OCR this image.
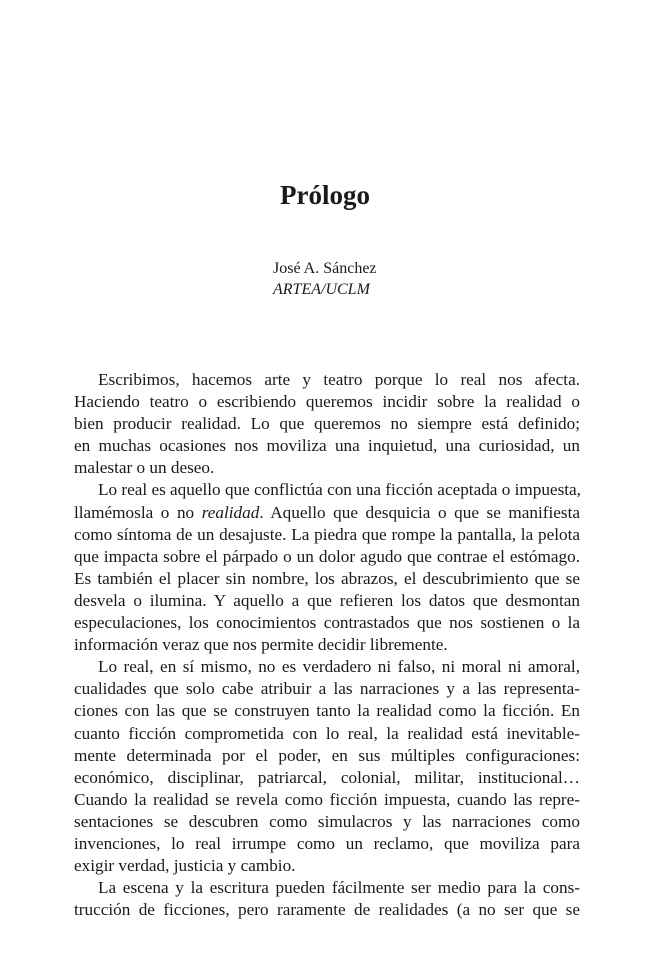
Prólogo
José A. Sánchez
ARTEA/UCLM
Escribimos, hacemos arte y teatro porque lo real nos afecta.
Haciendo teatro o escribiendo queremos incidir sobre la realidad o
bien producir realidad. Lo que queremos no siempre está definido;
en muchas ocasiones nos moviliza una inquietud, una curiosidad, un
malestar o un deseo.
Lo real es aquello que conflictúa con una ficción aceptada o impuesta,
llamémosla o no realidad. Aquello que desquicia o que se manifiesta
como síntoma de un desajuste. La piedra que rompe la pantalla, la pelota
que impacta sobre el párpado o un dolor agudo que contrae el estómago.
Es también el placer sin nombre, los abrazos, el descubrimiento que se
desvela o ilumina. Y aquello a que refieren los datos que desmontan
especulaciones, los conocimientos contrastados que nos sostienen o la
información veraz que nos permite decidir libremente.
Lo real, en sí mismo, no es verdadero ni falso, ni moral ni amoral,
cualidades que solo cabe atribuir a las narraciones y a las representa-
ciones con las que se construyen tanto la realidad como la ficción. En
cuanto ficción comprometida con lo real, la realidad está inevitable-
mente determinada por el poder, en sus múltiples configuraciones:
económico, disciplinar, patriarcal, colonial, militar, institucional…
Cuando la realidad se revela como ficción impuesta, cuando las repre-
sentaciones se descubren como simulacros y las narraciones como
invenciones, lo real irrumpe como un reclamo, que moviliza para
exigir verdad, justicia y cambio.
La escena y la escritura pueden fácilmente ser medio para la cons-
trucción de ficciones, pero raramente de realidades (a no ser que se
